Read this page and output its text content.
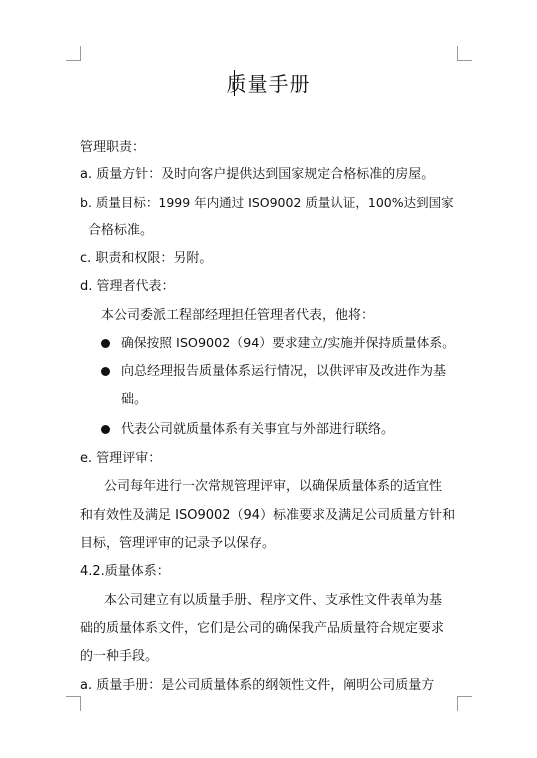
质量手册
管理职责：
a. 质量方针：及时向客户提供达到国家规定合格标准的房屋。
b. 质量目标：1999 年内通过 ISO9002 质量认证，100%达到国家
合格标准。
c. 职责和权限：另附。
d. 管理者代表：
本公司委派工程部经理担任管理者代表，他将：
确保按照 ISO9002（94）要求建立/实施并保持质量体系。
向总经理报告质量体系运行情况，以供评审及改进作为基
础。
代表公司就质量体系有关事宜与外部进行联络。
e. 管理评审：
公司每年进行一次常规管理评审，以确保质量体系的适宜性
和有效性及满足 ISO9002（94）标准要求及满足公司质量方针和
目标，管理评审的记录予以保存。
4.2.质量体系：
本公司建立有以质量手册、程序文件、支承性文件表单为基
础的质量体系文件，它们是公司的确保我产品质量符合规定要求
的一种手段。
a. 质量手册：是公司质量体系的纲领性文件，阐明公司质量方
